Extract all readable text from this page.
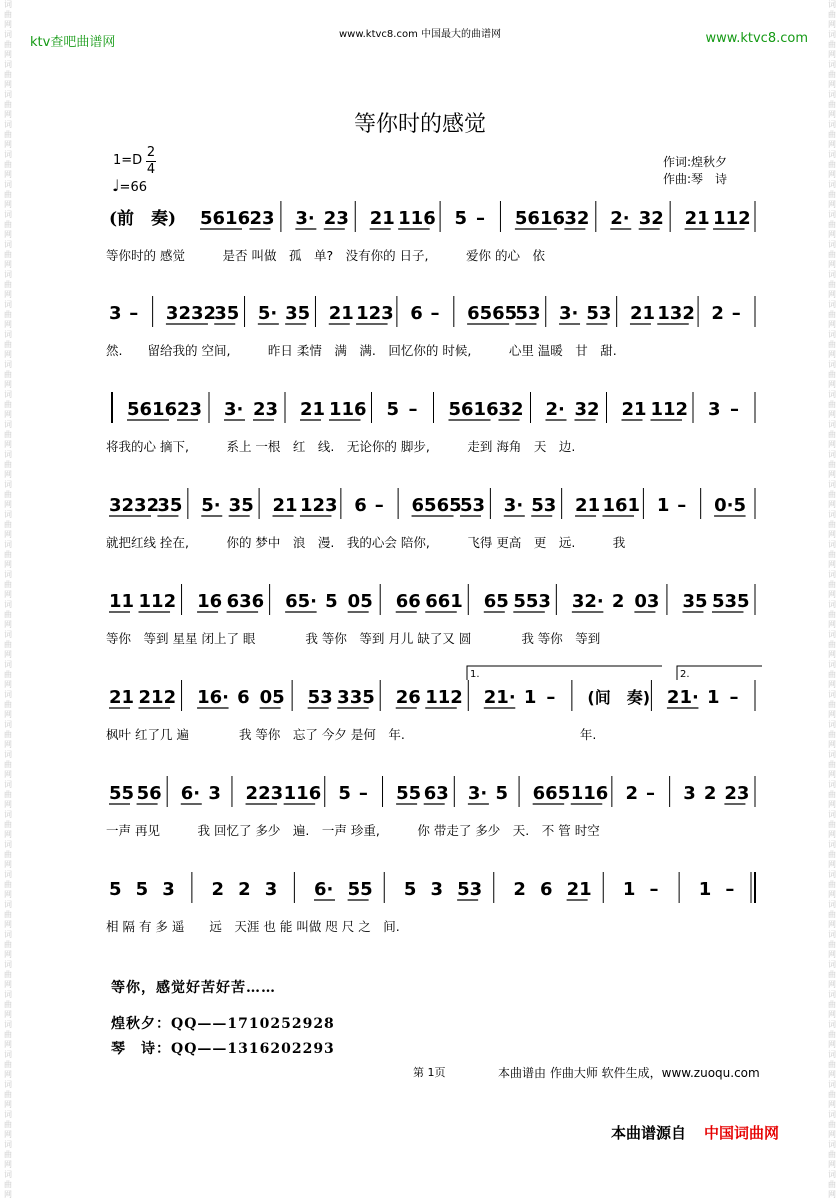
词曲网词曲网词曲网词曲网词曲网词曲网词曲网词曲网词曲网词曲网词曲网词曲网词曲网词曲网词曲网词曲网词曲网词曲网词曲网词曲网词曲网词曲网词曲网词曲网词曲网词曲网词曲网词曲网词曲网词曲网词曲网词曲网词曲网词曲网词曲网词曲网词曲网词曲网词曲网词曲网
词曲网词曲网词曲网词曲网词曲网词曲网词曲网词曲网词曲网词曲网词曲网词曲网词曲网词曲网词曲网词曲网词曲网词曲网词曲网词曲网词曲网词曲网词曲网词曲网词曲网词曲网词曲网词曲网词曲网词曲网词曲网词曲网词曲网词曲网词曲网词曲网词曲网词曲网词曲网词曲网
ktv查吧曲谱网
www.ktvc8.com 中国最大的曲谱网	www.ktvc8.com
等你时的感觉
1=D
2
4
♩=66
作词:煌秋夕
作曲:琴　诗
(前　奏) 5616 23 3· 23 21 116 5 – 5616 32 2· 32 21 112
3 – 3232
35 5· 35 21 123 6 – 6565
53 3· 53 21 132 2 –
5616 23 3· 23 21 116 5 – 5616 32 2· 32 21 112 3 –
3232
35 5· 35 21 123 6 – 6565
53 3· 53 21 161 1 – 0·5
11 112 16 636 65· 5 05 66 661 65 553 32· 2 03 35 535
21 212 16· 6 05 53 335 26 112 21· 1 – (间　奏) 21· 1 –
1.	2.
55 56 6· 3 223 116 5 – 55 63 3· 5 665 116 2 – 3 2 23
5 5 3 2 2 3 6· 55 5 3 53 2 6 21 1 – 1 –
等你时的 感觉　　　是否 叫做　孤　单?　没有你的 日子,　　　爱你 的心　依
然.　　留给我的 空间,　　　昨日 柔情　满　满.　回忆你的 时候,　　　心里 温暖　甘　甜.
将我的心 摘下,　　　系上 一根　红　线.　无论你的 脚步,　　　走到 海角　天　边.
就把红线 拴在,　　　你的 梦中　浪　漫.　我的心会 陪你,　　　飞得 更高　更　远.　　　我
等你　等到 星星 闭上了 眼　　　　我 等你　等到 月儿 缺了又 圆　　　　我 等你　等到
枫叶 红了几 遍　　　　我 等你　忘了 今夕 是何　年.　　　　　　　　　　　　　　年.
一声 再见　　　我 回忆了 多少　遍.　一声 珍重,　　　你 带走了 多少　天.　不 管 时空
相 隔 有 多 遥　　远　天涯 也 能 叫做 咫 尺 之　间.
等你，感觉好苦好苦……
煌秋夕：QQ——1710252928
琴　诗：QQ——1316202293
第 1页	本曲谱由 作曲大师 软件生成，www.zuoqu.com
本曲谱源自 中国词曲网
